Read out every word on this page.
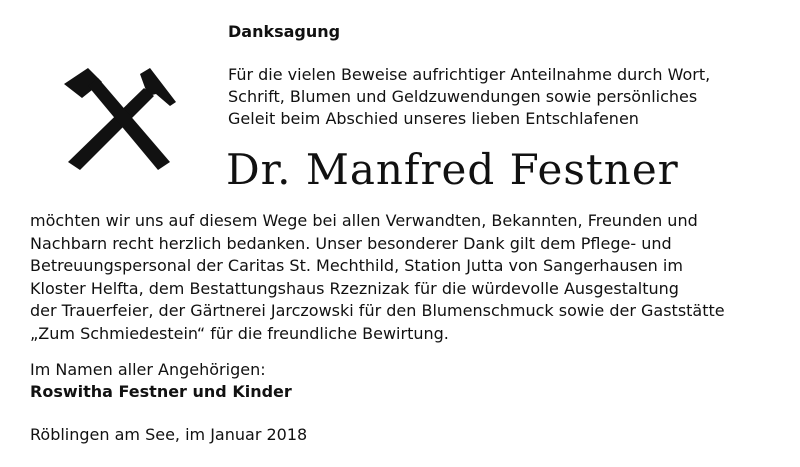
Danksagung
Für die vielen Beweise aufrichtiger Anteilnahme durch Wort,
Schrift, Blumen und Geldzuwendungen sowie persönliches
Geleit beim Abschied unseres lieben Entschlafenen
Dr. Manfred Festner
möchten wir uns auf diesem Wege bei allen Verwandten, Bekannten, Freunden und
Nachbarn recht herzlich bedanken. Unser besonderer Dank gilt dem Pflege- und
Betreuungspersonal der Caritas St. Mechthild, Station Jutta von Sangerhausen im
Kloster Helfta, dem Bestattungshaus Rzeznizak für die würdevolle Ausgestaltung
der Trauerfeier, der Gärtnerei Jarczowski für den Blumenschmuck sowie der Gaststätte
„Zum Schmiedestein“ für die freundliche Bewirtung.
Im Namen aller Angehörigen:
Roswitha Festner und Kinder
Röblingen am See, im Januar 2018
